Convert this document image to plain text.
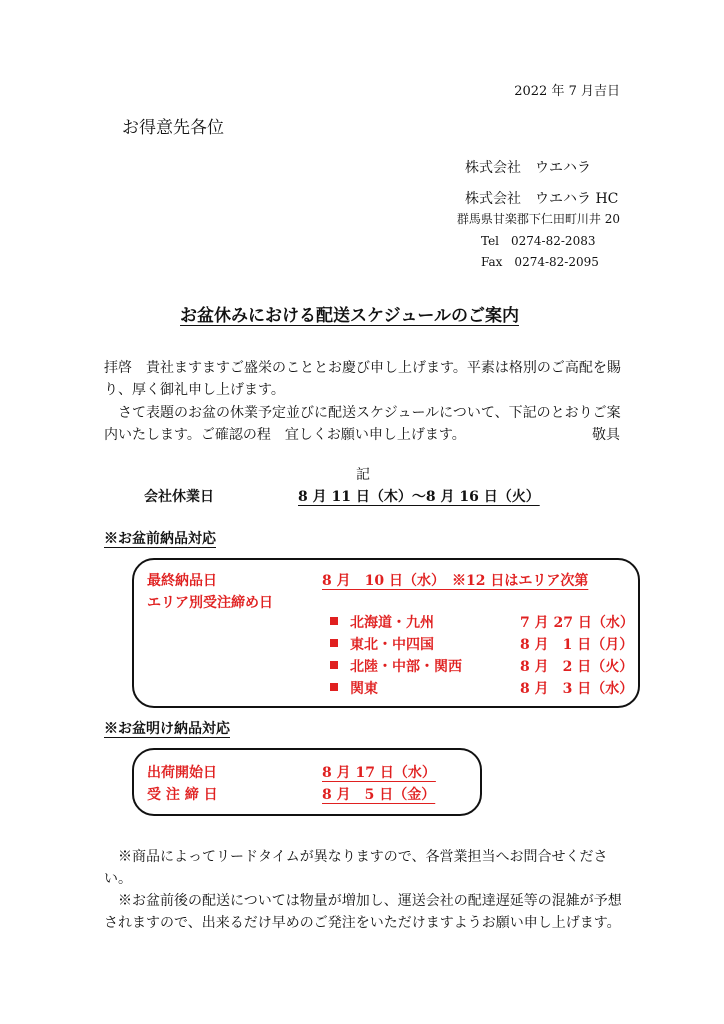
2022 年 7 月吉日
お得意先各位
株式会社　ウエハラ
株式会社　ウエハラ HC
群馬県甘楽郡下仁田町川井 20
Tel　0274-82-2083
Fax　0274-82-2095
お盆休みにおける配送スケジュールのご案内
拝啓　貴社ますますご盛栄のこととお慶び申し上げます。平素は格別のご高配を賜り、厚く御礼申し上げます。
　さて表題のお盆の休業予定並びに配送スケジュールについて、下記のとおりご案内いたします。ご確認の程　宜しくお願い申し上げます。	敬具
記
会社休業日	8 月 11 日（木）～8 月 16 日（火）
※お盆前納品対応
最終納品日	8 月　10 日（水）　※12 日はエリア次第
エリア別受注締め日
北海道・九州	7 月 27 日（水）
東北・中四国	8 月　1 日（月）
北陸・中部・関西	8 月　2 日（火）
関東	8 月　3 日（水）
※お盆明け納品対応
出荷開始日	8 月 17 日（水）
受 注 締 日	8 月　5 日（金）
　※商品によってリードタイムが異なりますので、各営業担当へお問合せください。
　※お盆前後の配送については物量が増加し、運送会社の配達遅延等の混雑が予想されますので、出来るだけ早めのご発注をいただけますようお願い申し上げます。
